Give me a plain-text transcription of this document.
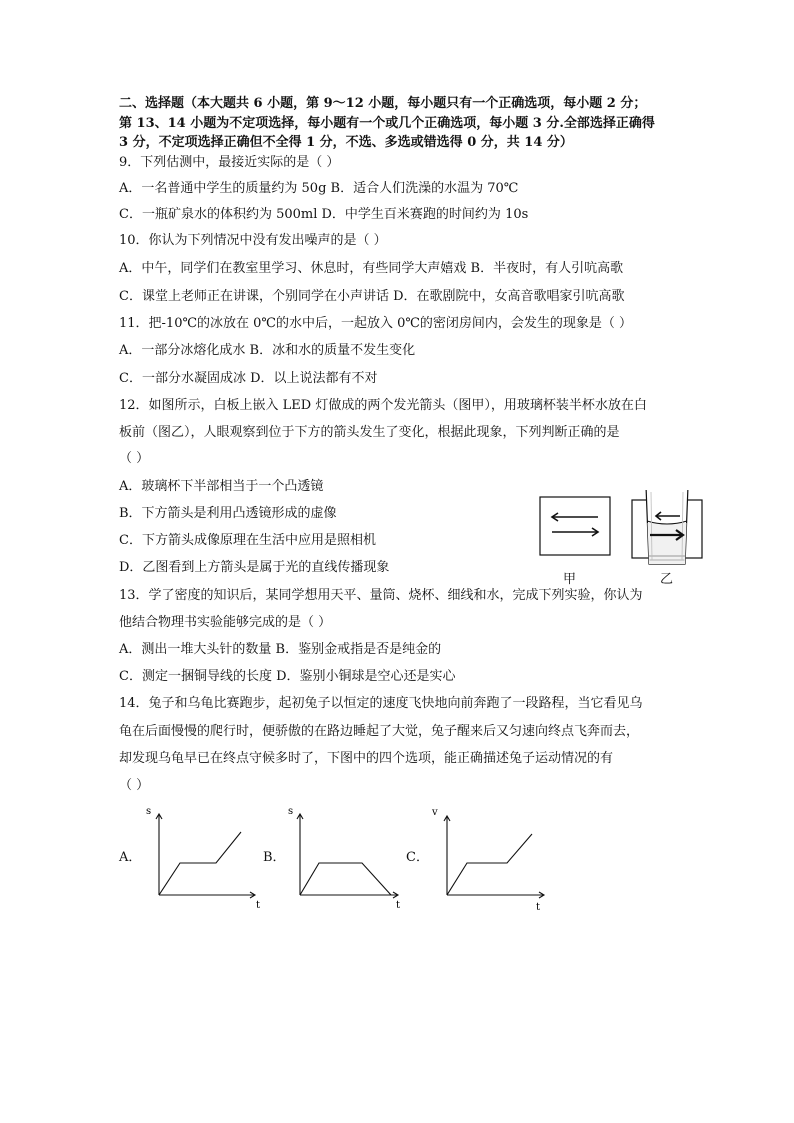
二、选择题（本大题共 6 小题，第 9～12 小题，每小题只有一个正确选项，每小题 2 分；
第 13、14 小题为不定项选择，每小题有一个或几个正确选项，每小题 3 分.全部选择正确得
3 分，不定项选择正确但不全得 1 分，不选、多选或错选得 0 分，共 14 分）
9．下列估测中，最接近实际的是（ ）
A．一名普通中学生的质量约为 50g B．适合人们洗澡的水温为 70℃
C．一瓶矿泉水的体积约为 500ml D．中学生百米赛跑的时间约为 10s
10．你认为下列情况中没有发出噪声的是（ ）
A．中午，同学们在教室里学习、休息时，有些同学大声嬉戏 B．半夜时，有人引吭高歌
C．课堂上老师正在讲课，个别同学在小声讲话 D．在歌剧院中，女高音歌唱家引吭高歌
11．把-10℃的冰放在 0℃的水中后，一起放入 0℃的密闭房间内，会发生的现象是（ ）
A．一部分冰熔化成水 B．冰和水的质量不发生变化
C．一部分水凝固成冰 D．以上说法都有不对
12．如图所示，白板上嵌入 LED 灯做成的两个发光箭头（图甲），用玻璃杯装半杯水放在白
板前（图乙），人眼观察到位于下方的箭头发生了变化，根据此现象，下列判断正确的是
（ ）
A．玻璃杯下半部相当于一个凸透镜
B．下方箭头是利用凸透镜形成的虚像
C．下方箭头成像原理在生活中应用是照相机
D．乙图看到上方箭头是属于光的直线传播现象
甲	乙
13．学了密度的知识后，某同学想用天平、量筒、烧杯、细线和水，完成下列实验，你认为
他结合物理书实验能够完成的是（ ）
A．测出一堆大头针的数量 B．鉴别金戒指是否是纯金的
C．测定一捆铜导线的长度 D．鉴别小铜球是空心还是实心
14．兔子和乌龟比赛跑步，起初兔子以恒定的速度飞快地向前奔跑了一段路程，当它看见乌
龟在后面慢慢的爬行时，便骄傲的在路边睡起了大觉，兔子醒来后又匀速向终点飞奔而去，
却发现乌龟早已在终点守候多时了，下图中的四个选项，能正确描述兔子运动情况的有
（ ）
A．
s
t
B．
s
t
C．
v
t
